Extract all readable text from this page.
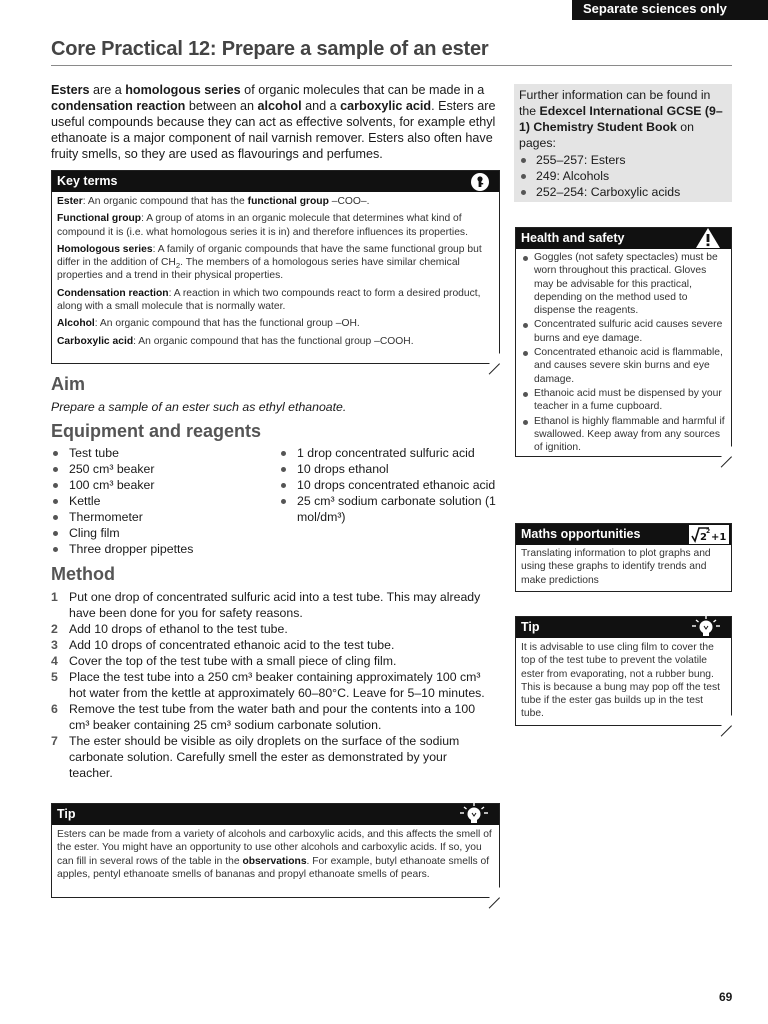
Separate sciences only
Core Practical 12: Prepare a sample of an ester
Esters are a homologous series of organic molecules that can be made in a condensation reaction between an alcohol and a carboxylic acid. Esters are useful compounds because they can act as effective solvents, for example ethyl ethanoate is a major component of nail varnish remover. Esters also often have fruity smells, so they are used as flavourings and perfumes.
Further information can be found in the Edexcel International GCSE (9–1) Chemistry Student Book on pages:
255–257: Esters
249: Alcohols
252–254: Carboxylic acids
Key terms

Ester: An organic compound that has the functional group –COO–.

Functional group: A group of atoms in an organic molecule that determines what kind of compound it is (i.e. what homologous series it is in) and therefore influences its properties.

Homologous series: A family of organic compounds that have the same functional group but differ in the addition of $CH_2$. The members of a homologous series have similar chemical properties and a trend in their physical properties.

Condensation reaction: A reaction in which two compounds react to form a desired product, along with a small molecule that is normally water.

Alcohol: An organic compound that has the functional group –OH.

Carboxylic acid: An organic compound that has the functional group –COOH.

Health and safety
Goggles (not safety spectacles) must be worn throughout this practical. Gloves may be advisable for this practical, depending on the method used to dispense the reagents.
Concentrated sulfuric acid causes severe burns and eye damage.
Concentrated ethanoic acid is flammable, and causes severe skin burns and eye damage.
Ethanoic acid must be dispensed by your teacher in a fume cupboard.
Ethanol is highly flammable and harmful if swallowed. Keep away from any sources of ignition.
Aim
Prepare a sample of an ester such as ethyl ethanoate.
Equipment and reagents
Test tube
250 cm³ beaker
100 cm³ beaker
Kettle
Thermometer
Cling film
Three dropper pipettes
1 drop concentrated sulfuric acid
10 drops ethanol
10 drops concentrated ethanoic acid
25 cm³ sodium carbonate solution (1 mol/dm³)
Maths opportunities	2
2
+1
Translating information to plot graphs and using these graphs to identify trends and make predictions
Tip
It is advisable to use cling film to cover the top of the test tube to prevent the volatile ester from evaporating, not a rubber bung. This is because a bung may pop off the test tube if the ester gas builds up in the test tube.
Method
1 Put one drop of concentrated sulfuric acid into a test tube. This may already have been done for you for safety reasons.
2 Add 10 drops of ethanol to the test tube.
3 Add 10 drops of concentrated ethanoic acid to the test tube.
4 Cover the top of the test tube with a small piece of cling film.
5 Place the test tube into a 250 cm³ beaker containing approximately 100 cm³ hot water from the kettle at approximately 60–80°C. Leave for 5–10 minutes.
6 Remove the test tube from the water bath and pour the contents into a 100 cm³ beaker containing 25 cm³ sodium carbonate solution.
7 The ester should be visible as oily droplets on the surface of the sodium carbonate solution. Carefully smell the ester as demonstrated by your teacher.
Tip
Esters can be made from a variety of alcohols and carboxylic acids, and this affects the smell of the ester. You might have an opportunity to use other alcohols and carboxylic acids. If so, you can fill in several rows of the table in the observations. For example, butyl ethanoate smells of apples, pentyl ethanoate smells of bananas and propyl ethanoate smells of pears.
69
